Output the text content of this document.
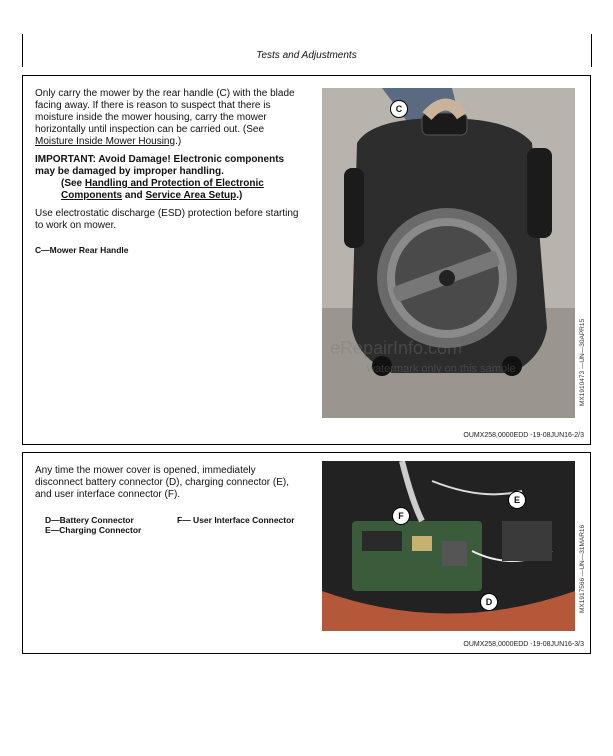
Tests and Adjustments

Only carry the mower by the rear handle (C) with the blade facing away. If there is reason to suspect that there is moisture inside the mower housing, carry the mower horizontally until inspection can be carried out. (See Moisture Inside Mower Housing.)

IMPORTANT: Avoid Damage! Electronic components may be damaged by improper handling.

(See Handling and Protection of Electronic Components and Service Area Setup.)

Use electrostatic discharge (ESD) protection before starting to work on mower.

C—Mower Rear Handle
C
eRepairInfo.com
watermark only on this sample	MX1910473 —UN—30APR15
OUMX258,0000EDD -19-08JUN16-2/3

Any time the mower cover is opened, immediately disconnect battery connector (D), charging connector (E), and user interface connector (F).

D—Battery Connector
E—Charging Connector
F— User Interface Connector	F
E
D	MX1917566 —UN—31MAR16
OUMX258,0000EDD -19-08JUN16-3/3
